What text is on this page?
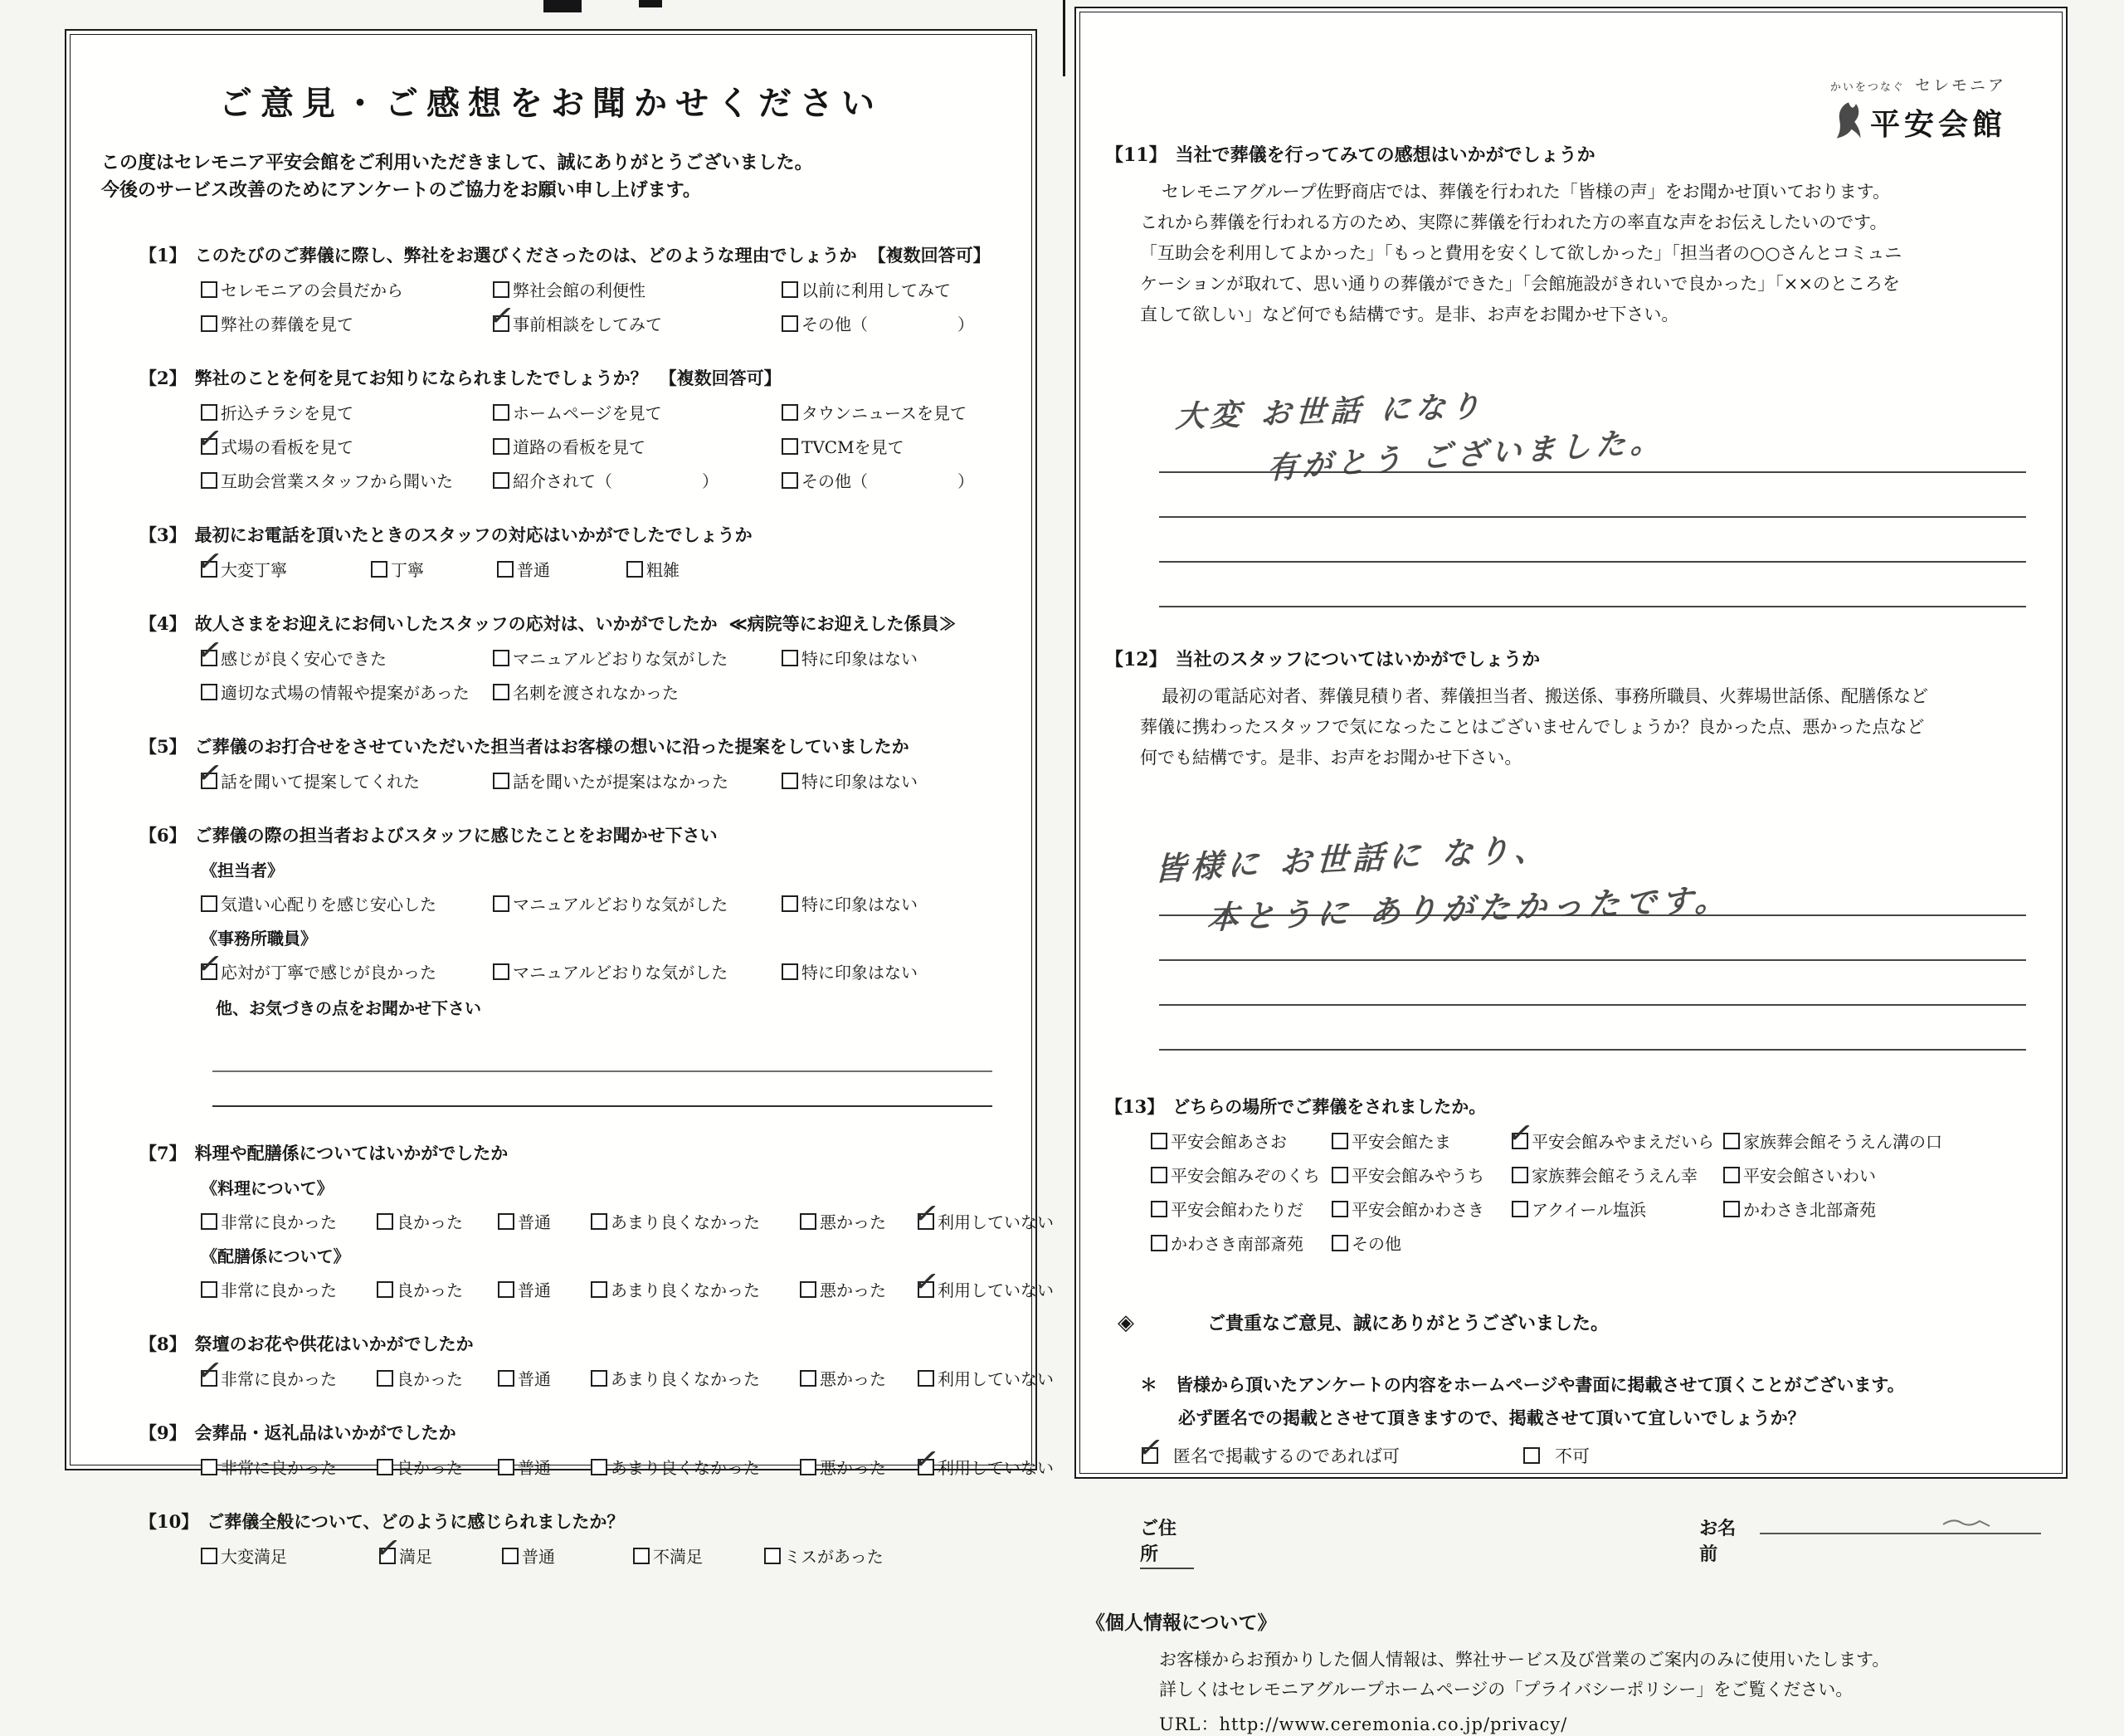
ご意見・ご感想をお聞かせください
この度はセレモニア平安会館をご利用いただきまして、誠にありがとうございました。
今後のサービス改善のためにアンケートのご協力をお願い申し上げます。
【1】 このたびのご葬儀に際し、弊社をお選びくださったのは、どのような理由でしょうか 【複数回答可】
セレモニアの会員だから	弊社会館の利便性	以前に利用してみて
弊社の葬儀を見て ✓	事前相談をしてみて	その他（	）
【2】 弊社のことを何を見てお知りになられましたでしょうか？ 【複数回答可】
折込チラシを見て	ホームページを見て	タウンニュースを見て
✓
式場の看板を見て	道路の看板を見て	TVCMを見て
互助会営業スタッフから聞いた	紹介されて（	）	その他（	）
【3】 最初にお電話を頂いたときのスタッフの対応はいかがでしたでしょうか
✓
大変丁寧	丁寧	普通	粗雑
【4】 故人さまをお迎えにお伺いしたスタッフの応対は、いかがでしたか ≪病院等にお迎えした係員≫
✓
感じが良く安心できた	マニュアルどおりな気がした	特に印象はない
適切な式場の情報や提案があった	名刺を渡されなかった
【5】 ご葬儀のお打合せをさせていただいた担当者はお客様の想いに沿った提案をしていましたか
✓
話を聞いて提案してくれた	話を聞いたが提案はなかった	特に印象はない
【6】 ご葬儀の際の担当者およびスタッフに感じたことをお聞かせ下さい
《担当者》
気遣い心配りを感じ安心した	マニュアルどおりな気がした	特に印象はない
《事務所職員》
✓
応対が丁寧で感じが良かった	マニュアルどおりな気がした	特に印象はない
他、お気づきの点をお聞かせ下さい
【7】 料理や配膳係についてはいかがでしたか
《料理について》
非常に良かった	良かった	普通	あまり良くなかった	悪かった ✓	利用していない
《配膳係について》
非常に良かった	良かった	普通	あまり良くなかった	悪かった ✓	利用していない
【8】 祭壇のお花や供花はいかがでしたか
✓
非常に良かった	良かった	普通	あまり良くなかった	悪かった	利用していない
【9】 会葬品・返礼品はいかがでしたか
非常に良かった	良かった	普通	あまり良くなかった	悪かった ✓	利用していない
【10】 ご葬儀全般について、どのように感じられましたか？
大変満足 ✓	満足	普通	不満足	ミスがあった
かいをつなぐ セレモニア
平安会館
【11】 当社で葬儀を行ってみての感想はいかがでしょうか
セレモニアグループ佐野商店では、葬儀を行われた「皆様の声」をお聞かせ頂いております。
これから葬儀を行われる方のため、実際に葬儀を行われた方の率直な声をお伝えしたいのです。
「互助会を利用してよかった」「もっと費用を安くして欲しかった」「担当者の○○さんとコミュニ
ケーションが取れて、思い通りの葬儀ができた」「会館施設がきれいで良かった」「××のところを
直して欲しい」など何でも結構です。是非、お声をお聞かせ下さい。
大変 お世話 になり
有がとう ございました。
【12】 当社のスタッフについてはいかがでしょうか
最初の電話応対者、葬儀見積り者、葬儀担当者、搬送係、事務所職員、火葬場世話係、配膳係など
葬儀に携わったスタッフで気になったことはございませんでしょうか？良かった点、悪かった点など
何でも結構です。是非、お声をお聞かせ下さい。
皆様に お世話に なり、
本とうに ありがたかったです。
【13】 どちらの場所でご葬儀をされましたか。
平安会館あさお	平安会館たま ✓	平安会館みやまえだいら 家族葬会館そうえん溝の口
平安会館みぞのくち 平安会館みやうち	家族葬会館そうえん幸	平安会館さいわい
平安会館わたりだ	平安会館かわさき	アクイール塩浜	かわさき北部斎苑
かわさき南部斎苑	その他
◈	ご貴重なご意見、誠にありがとうございました。
＊ 皆様から頂いたアンケートの内容をホームページや書面に掲載させて頂くことがございます。
必ず匿名での掲載とさせて頂きますので、掲載させて頂いて宜しいでしょうか？
✓
匿名で掲載するのであれば可	不可
ご住所
お名前
《個人情報について》
お客様からお預かりした個人情報は、弊社サービス及び営業のご案内のみに使用いたします。
詳しくはセレモニアグループホームページの「プライバシーポリシー」をご覧ください。
URL：http://www.ceremonia.co.jp/privacy/
